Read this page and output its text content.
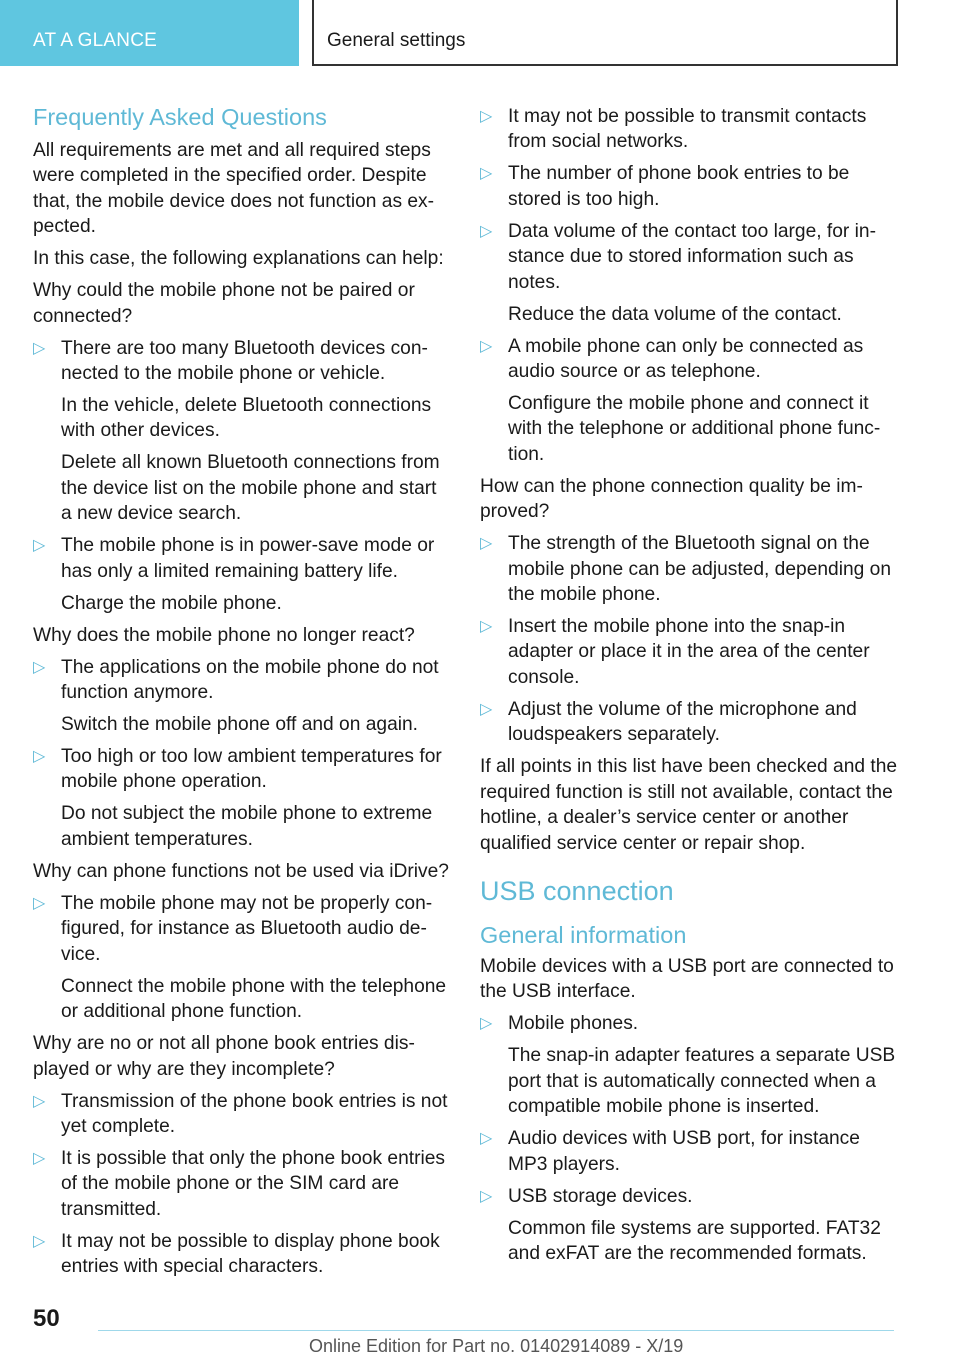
AT A GLANCE	General settings
Frequently Asked Questions

All requirements are met and all required steps were completed in the specified order. Despite that, the mobile device does not function as expected.

In this case, the following explanations can help:

Why could the mobile phone not be paired or connected?

▷ There are too many Bluetooth devices connected to the mobile phone or vehicle.

In the vehicle, delete Bluetooth connections with other devices.

Delete all known Bluetooth connections from the device list on the mobile phone and start a new device search.

▷ The mobile phone is in power-save mode or has only a limited remaining battery life.

Charge the mobile phone.

Why does the mobile phone no longer react?

▷ The applications on the mobile phone do not function anymore.

Switch the mobile phone off and on again.

▷ Too high or too low ambient temperatures for mobile phone operation.

Do not subject the mobile phone to extreme ambient temperatures.

Why can phone functions not be used via iDrive?

▷ The mobile phone may not be properly configured, for instance as Bluetooth audio device.

Connect the mobile phone with the telephone or additional phone function.

Why are no or not all phone book entries displayed or why are they incomplete?

▷ Transmission of the phone book entries is not yet complete.
▷ It is possible that only the phone book entries of the mobile phone or the SIM card are transmitted.
▷ It may not be possible to display phone book entries with special characters.
▷ It may not be possible to transmit contacts from social networks.
▷ The number of phone book entries to be stored is too high.
▷ Data volume of the contact too large, for instance due to stored information such as notes.

Reduce the data volume of the contact.

▷ A mobile phone can only be connected as audio source or as telephone.

Configure the mobile phone and connect it with the telephone or additional phone function.

How can the phone connection quality be improved?

▷ The strength of the Bluetooth signal on the mobile phone can be adjusted, depending on the mobile phone.
▷ Insert the mobile phone into the snap-in adapter or place it in the area of the center console.
▷ Adjust the volume of the microphone and loudspeakers separately.

If all points in this list have been checked and the required function is still not available, contact the hotline, a dealer’s service center or another qualified service center or repair shop.

USB connection
General information

Mobile devices with a USB port are connected to the USB interface.

▷ Mobile phones.

The snap-in adapter features a separate USB port that is automatically connected when a compatible mobile phone is inserted.

▷ Audio devices with USB port, for instance MP3 players.
▷ USB storage devices.

Common file systems are supported. FAT32 and exFAT are the recommended formats.

50
Online Edition for Part no. 01402914089 - X/19
